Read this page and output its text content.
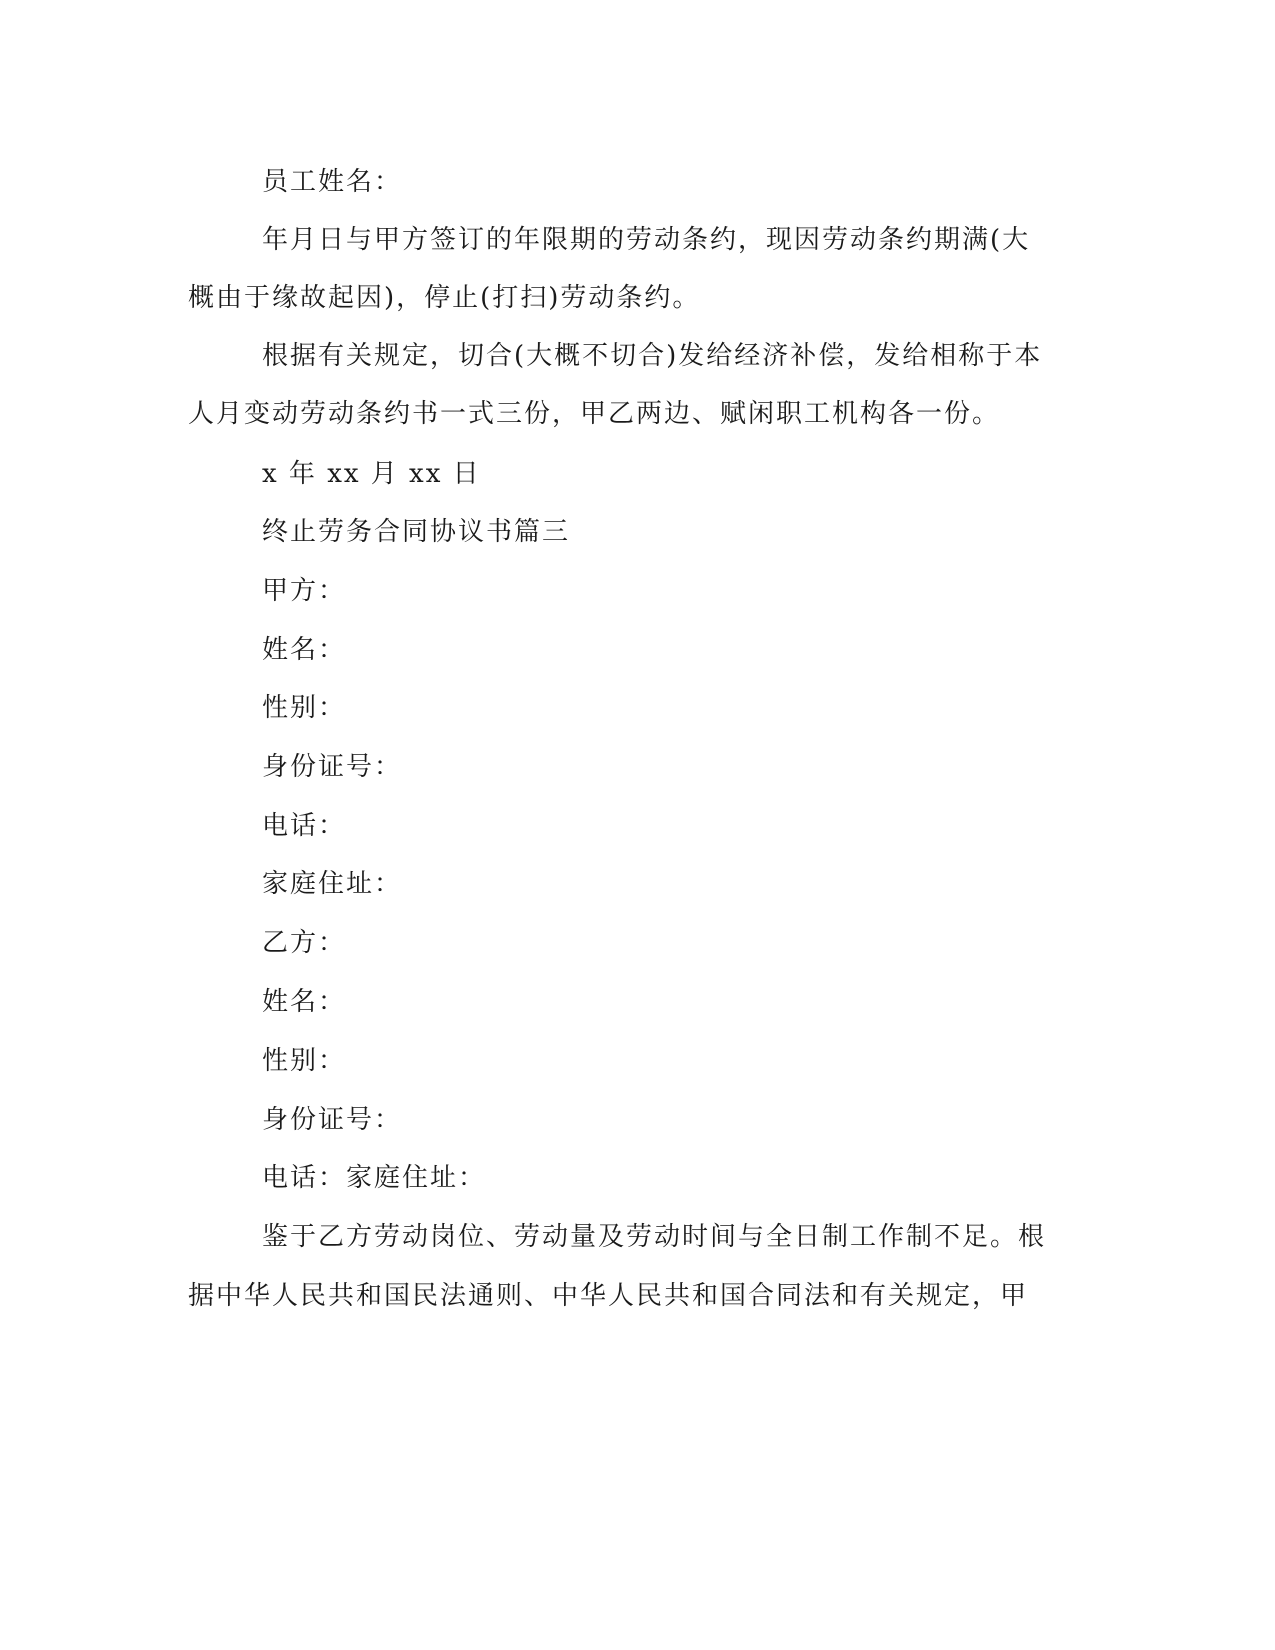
员工姓名：

年月日与甲方签订的年限期的劳动条约，现因劳动条约期满(大

概由于缘故起因)，停止(打扫)劳动条约。

根据有关规定，切合(大概不切合)发给经济补偿，发给相称于本

人月变动劳动条约书一式三份，甲乙两边、赋闲职工机构各一份。

x 年 xx 月 xx 日

终止劳务合同协议书篇三

甲方：

姓名：

性别：

身份证号：

电话：

家庭住址：

乙方：

姓名：

性别：

身份证号：

电话：家庭住址：

鉴于乙方劳动岗位、劳动量及劳动时间与全日制工作制不足。根

据中华人民共和国民法通则、中华人民共和国合同法和有关规定，甲
